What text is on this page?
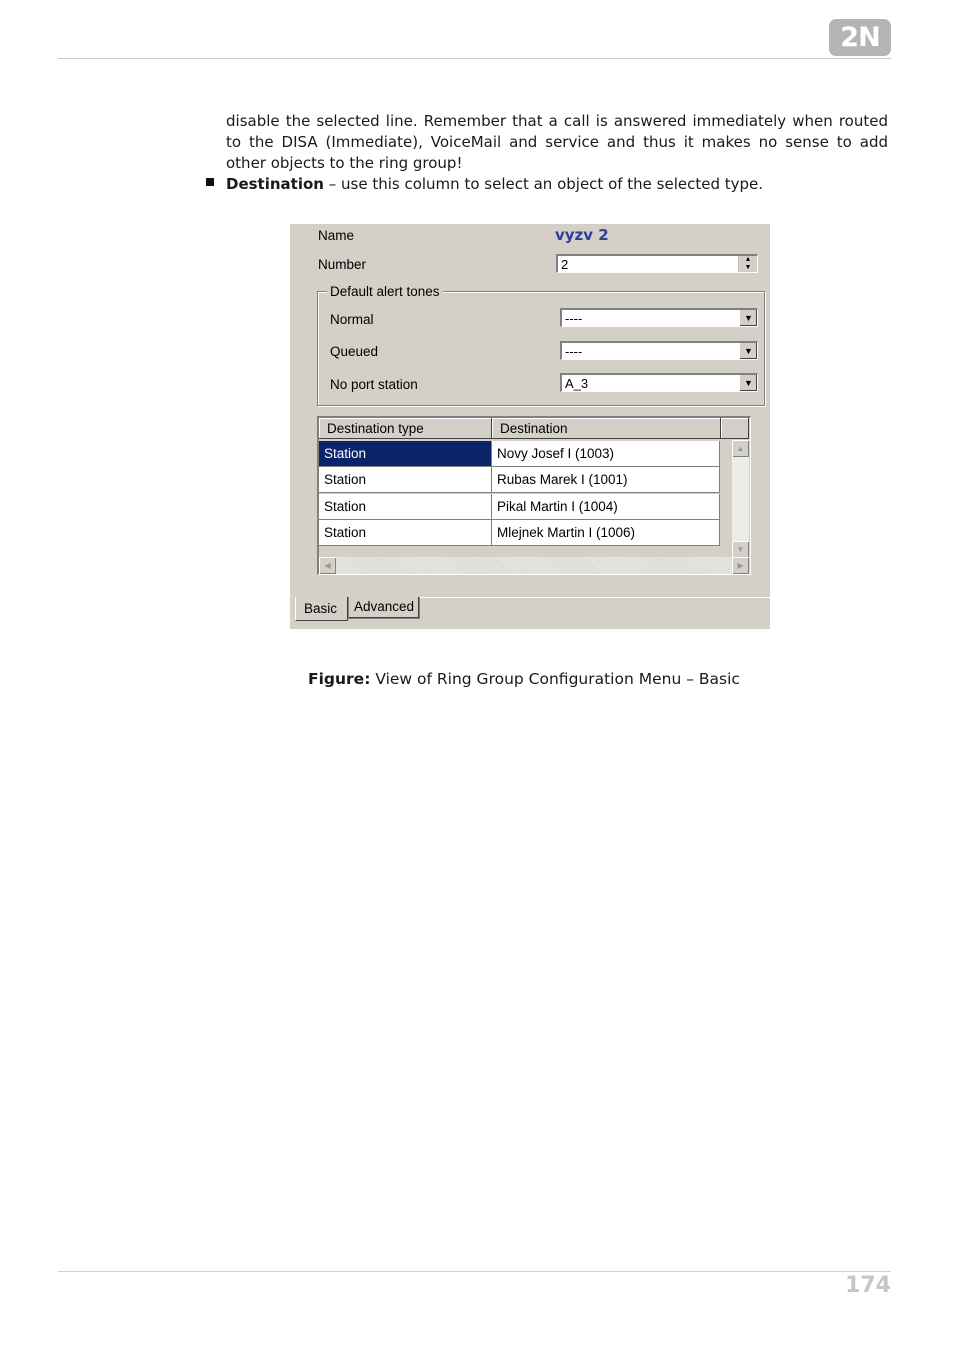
2N

disable the selected line. Remember that a call is answered immediately when routed to the DISA (Immediate), VoiceMail and service and thus it makes no sense to add other objects to the ring group!

Destination – use this column to select an object of the selected type.

Name	vyzv 2
Number	2	▲
▼
Default alert tones
Normal	----	▼
Queued	----	▼
No port station	A_3	▼
Destination type	Destination
Station	Novy Josef I (1003)
Station	Rubas Marek I (1001)
Station	Pikal Martin I (1004)
Station	Mlejnek Martin I (1006)
▲
▼
◀	▶
Basic	Advanced
Figure: View of Ring Group Configuration Menu – Basic
174
